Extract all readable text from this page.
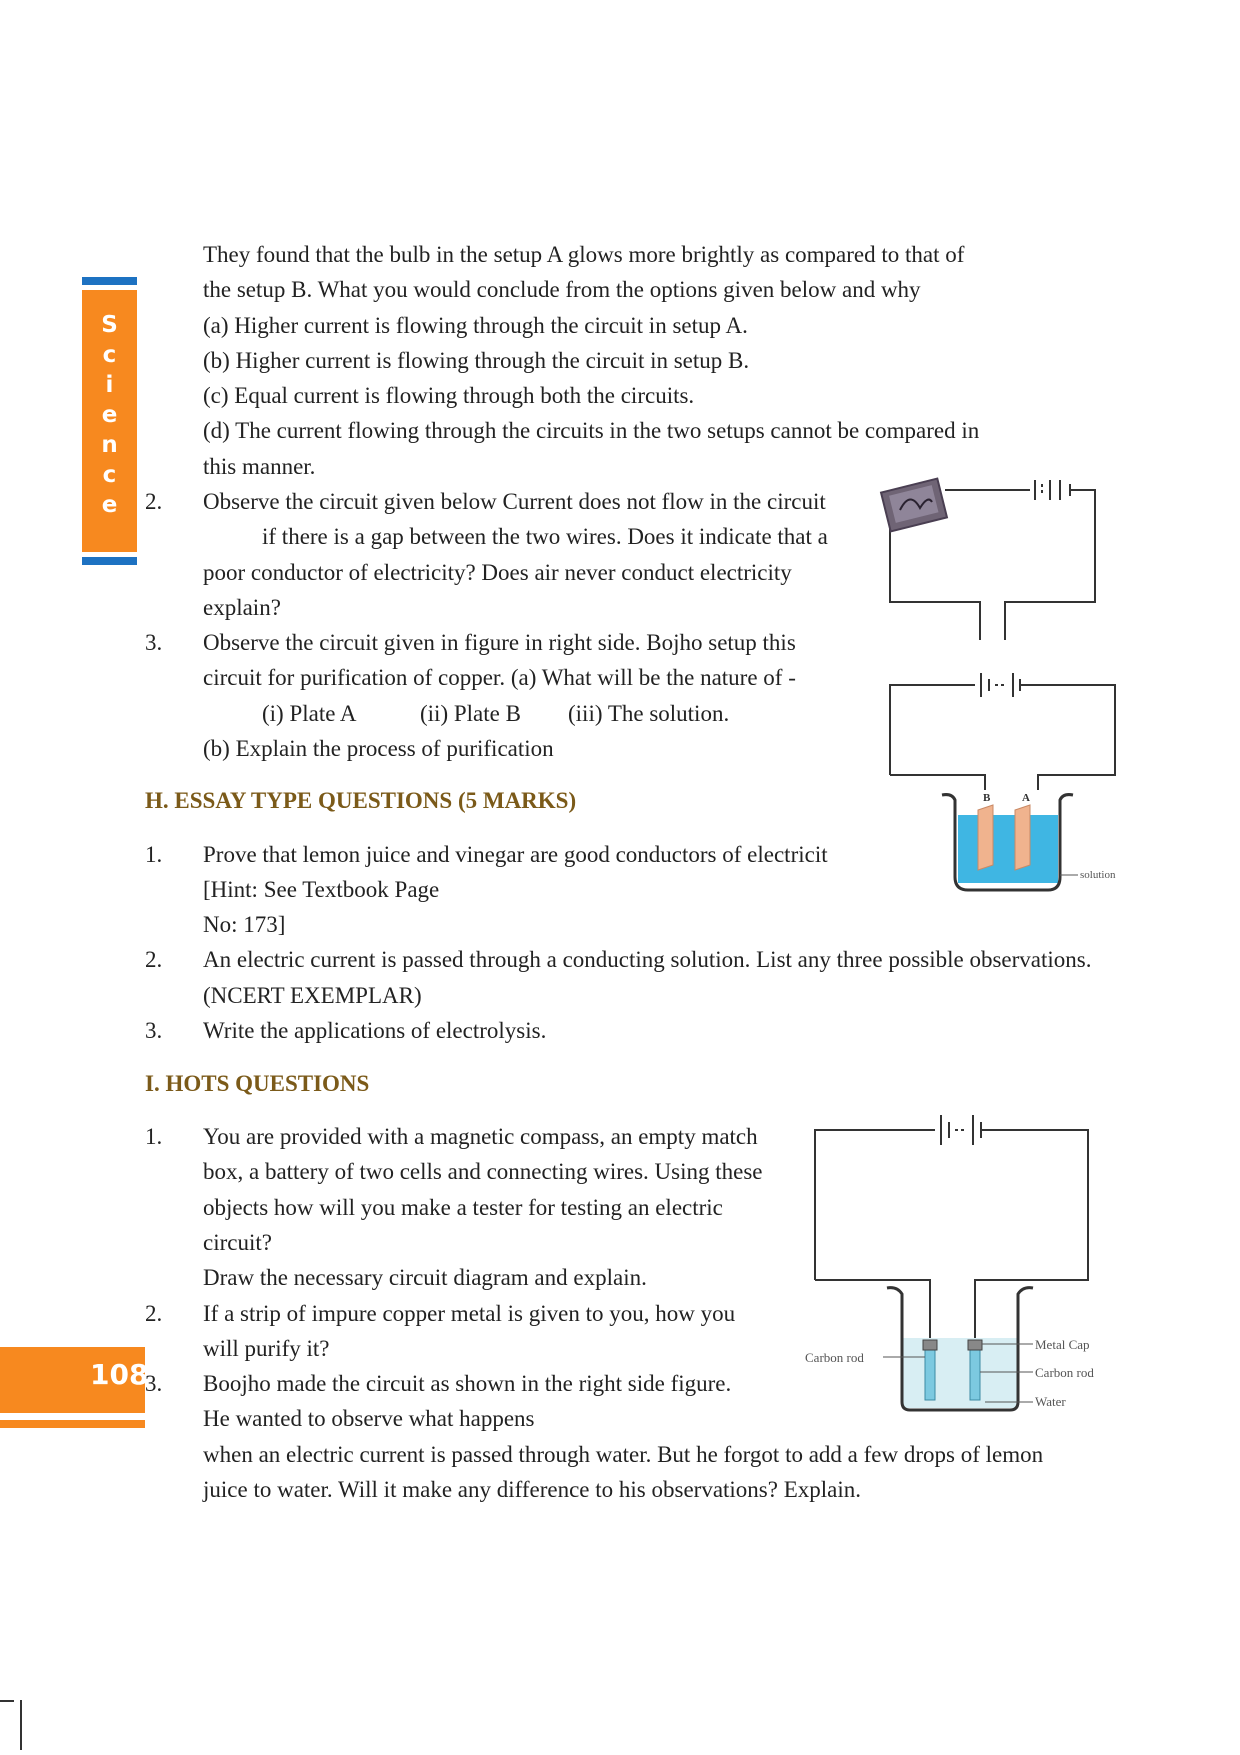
S
c
i
e
n
c
e
108
They found that the bulb in the setup A glows more brightly as compared to that of
the setup B. What you would conclude from the options given below and why
(a) Higher current is flowing through the circuit in setup A.
(b) Higher current is flowing through the circuit in setup B.
(c) Equal current is flowing through both the circuits.
(d) The current flowing through the circuits in the two setups cannot be compared in
this manner.
2. Observe the circuit given below Current does not flow in the circuit
if there is a gap between the two wires. Does it indicate that a
poor conductor of electricity? Does air never conduct electricity
explain?
3. Observe the circuit given in figure in right side. Bojho setup this
circuit for purification of copper. (a) What will be the nature of -
(i) Plate A	(ii) Plate B (iii) The solution.
(b) Explain the process of purification
H. ESSAY TYPE QUESTIONS (5 MARKS)
1. Prove that lemon juice and vinegar are good conductors of electricit
[Hint: See Textbook Page
No: 173]
2. An electric current is passed through a conducting solution. List any three possible observations.
(NCERT EXEMPLAR)
3. Write the applications of electrolysis.
I. HOTS QUESTIONS
1. You are provided with a magnetic compass, an empty match
box, a battery of two cells and connecting wires. Using these
objects how will you make a tester for testing an electric
circuit?
Draw the necessary circuit diagram and explain.
2. If a strip of impure copper metal is given to you, how you
will purify it?
3. Boojho made the circuit as shown in the right side figure.
He wanted to observe what happens
when an electric current is passed through water. But he forgot to add a few drops of lemon
juice to water. Will it make any difference to his observations? Explain.
B	A
solution
Metal Cap
Carbon rod
Carbon rod
Water
